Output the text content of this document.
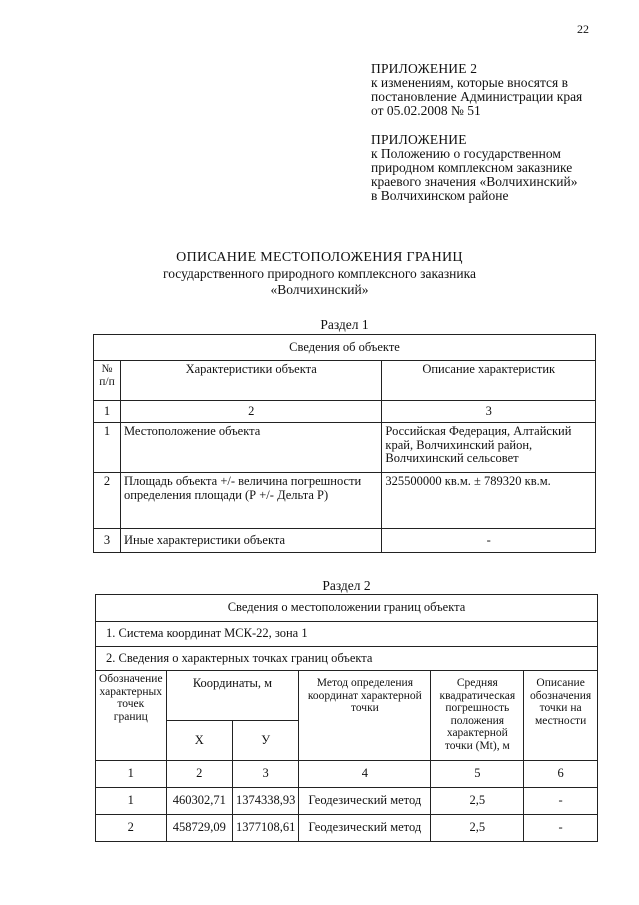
22
ПРИЛОЖЕНИЕ 2
к изменениям, которые вносятся в
постановление Администрации края
от 05.02.2008 № 51
ПРИЛОЖЕНИЕ
к Положению о государственном
природном комплексном заказнике
краевого значения «Волчихинский»
в Волчихинском районе
ОПИСАНИЕ МЕСТОПОЛОЖЕНИЯ ГРАНИЦ
государственного природного комплексного заказника
«Волчихинский»
Раздел 1
Сведения об объекте		
№ п/п	Характеристики объекта	Описание характеристик
1	2	3
1	Местоположение объекта	Российская Федерация, Алтайский край, Волчихинский район, Волчихинский сельсовет
2	Площадь объекта +/- величина погрешности определения площади (Р +/- Дельта Р)	325500000 кв.м. ± 789320 кв.м.
3	Иные характеристики объекта	-
Раздел 2
Сведения о местоположении границ объекта					
1. Система координат МСК-22, зона 1					
2. Сведения о характерных точках границ объекта					
Обозначение характерных точек границ	Координаты, м		Метод определения координат характерной точки	Средняя квадратическая погрешность положения характерной точки (Mt), м	Описание обозначения точки на местности
	X	У			
1	2	3	4	5	6
1	460302,71	1374338,93	Геодезический метод	2,5	-
2	458729,09	1377108,61	Геодезический метод	2,5	-
